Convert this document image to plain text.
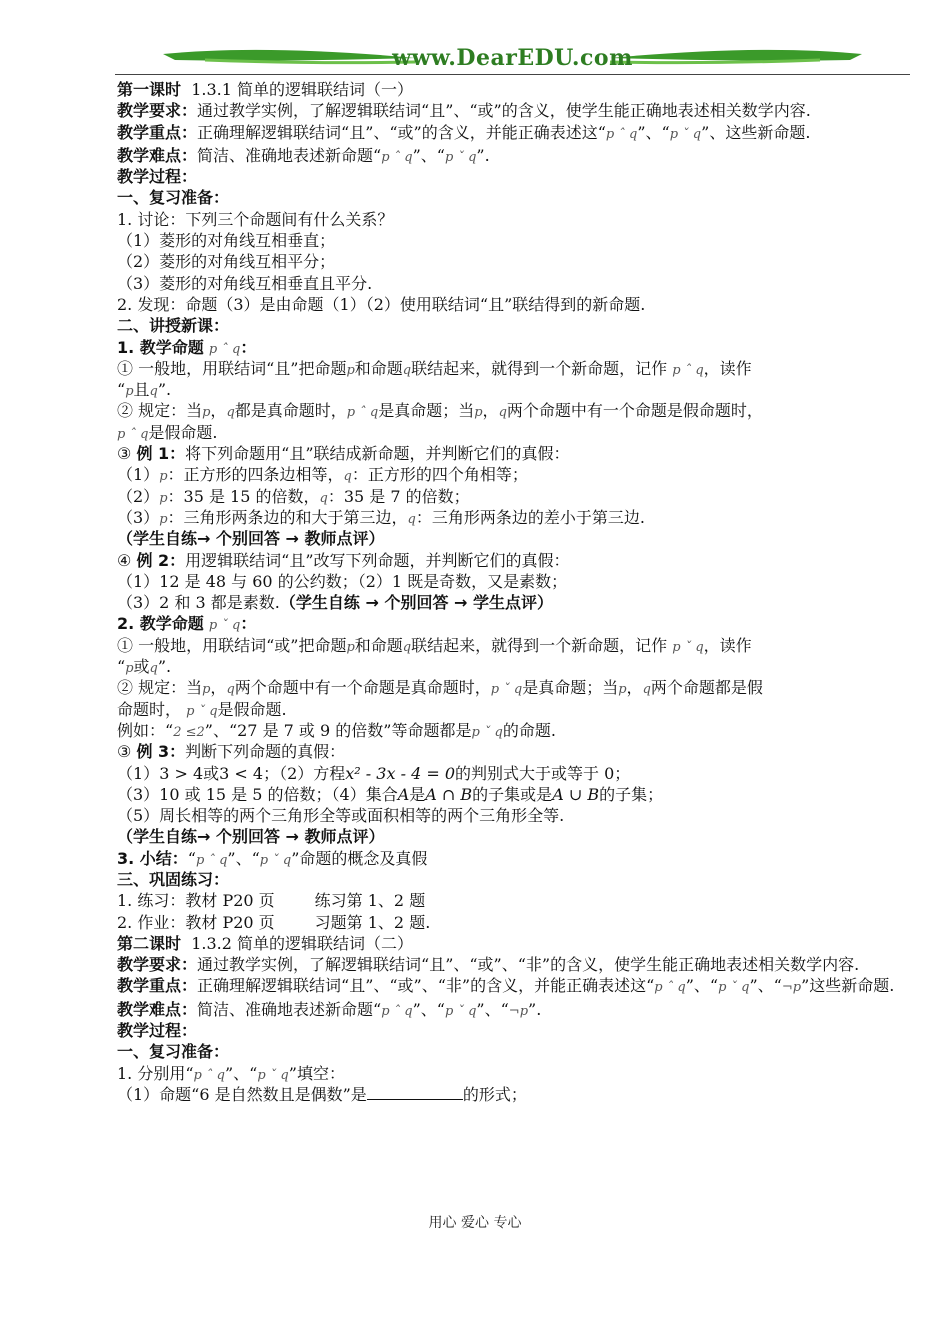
www.DearEDU.com
第一课时 1.3.1 简单的逻辑联结词（一）
教学要求：通过教学实例，了解逻辑联结词“且”、“或”的含义，使学生能正确地表述相关数学内容.
教学重点：正确理解逻辑联结词“且”、“或”的含义，并能正确表述这“p ˆ q”、“p ˇ q”、这些新命题.
教学难点：简洁、准确地表述新命题“p ˆ q”、“p ˇ q”.
教学过程：
一、复习准备：
1. 讨论：下列三个命题间有什么关系？
（1）菱形的对角线互相垂直；
（2）菱形的对角线互相平分；
（3）菱形的对角线互相垂直且平分.
2. 发现：命题（3）是由命题（1）（2）使用联结词“且”联结得到的新命题.
二、讲授新课：
1. 教学命题 p ˆ q：
① 一般地，用联结词“且”把命题p和命题q联结起来，就得到一个新命题，记作 p ˆ q，读作
“p且q”.
② 规定：当p，q都是真命题时，p ˆ q是真命题；当p，q两个命题中有一个命题是假命题时，
p ˆ q是假命题.
③ 例 1：将下列命题用“且”联结成新命题，并判断它们的真假：
（1）p：正方形的四条边相等，q：正方形的四个角相等；
（2）p：35 是 15 的倍数，q：35 是 7 的倍数；
（3）p：三角形两条边的和大于第三边，q：三角形两条边的差小于第三边.
（学生自练→ 个别回答 → 教师点评）
④ 例 2：用逻辑联结词“且”改写下列命题，并判断它们的真假：
（1）12 是 48 与 60 的公约数；（2）1 既是奇数，又是素数；
（3）2 和 3 都是素数.（学生自练 → 个别回答 → 学生点评）
2. 教学命题 p ˇ q：
① 一般地，用联结词“或”把命题p和命题q联结起来，就得到一个新命题，记作 p ˇ q，读作
“p或q”.
② 规定：当p，q两个命题中有一个命题是真命题时，p ˇ q是真命题；当p，q两个命题都是假
命题时， p ˇ q是假命题.
例如：“2 ≤2”、“27 是 7 或 9 的倍数”等命题都是p ˇ q的命题.
③ 例 3：判断下列命题的真假：
（1）3 > 4或3 < 4；（2）方程x² - 3x - 4 = 0的判别式大于或等于 0；
（3）10 或 15 是 5 的倍数；（4）集合A是A ∩ B的子集或是A ∪ B的子集；
（5）周长相等的两个三角形全等或面积相等的两个三角形全等.
（学生自练→ 个别回答 → 教师点评）
3. 小结：“p ˆ q”、“p ˇ q”命题的概念及真假
三、巩固练习：
1. 练习：教材 P20 页	练习第 1、2 题
2. 作业：教材 P20 页	习题第 1、2 题.
第二课时 1.3.2 简单的逻辑联结词（二）
教学要求：通过教学实例，了解逻辑联结词“且”、“或”、“非”的含义，使学生能正确地表述相关数学内容.
教学重点：正确理解逻辑联结词“且”、“或”、“非”的含义，并能正确表述这“p ˆ q”、“p ˇ q”、“¬p”这些新命题.
教学难点：简洁、准确地表述新命题“p ˆ q”、“p ˇ q”、“¬p”.
教学过程：
一、复习准备：
1. 分别用“p ˆ q”、“p ˇ q”填空：
（1）命题“6 是自然数且是偶数”是	的形式；
用心 爱心 专心
